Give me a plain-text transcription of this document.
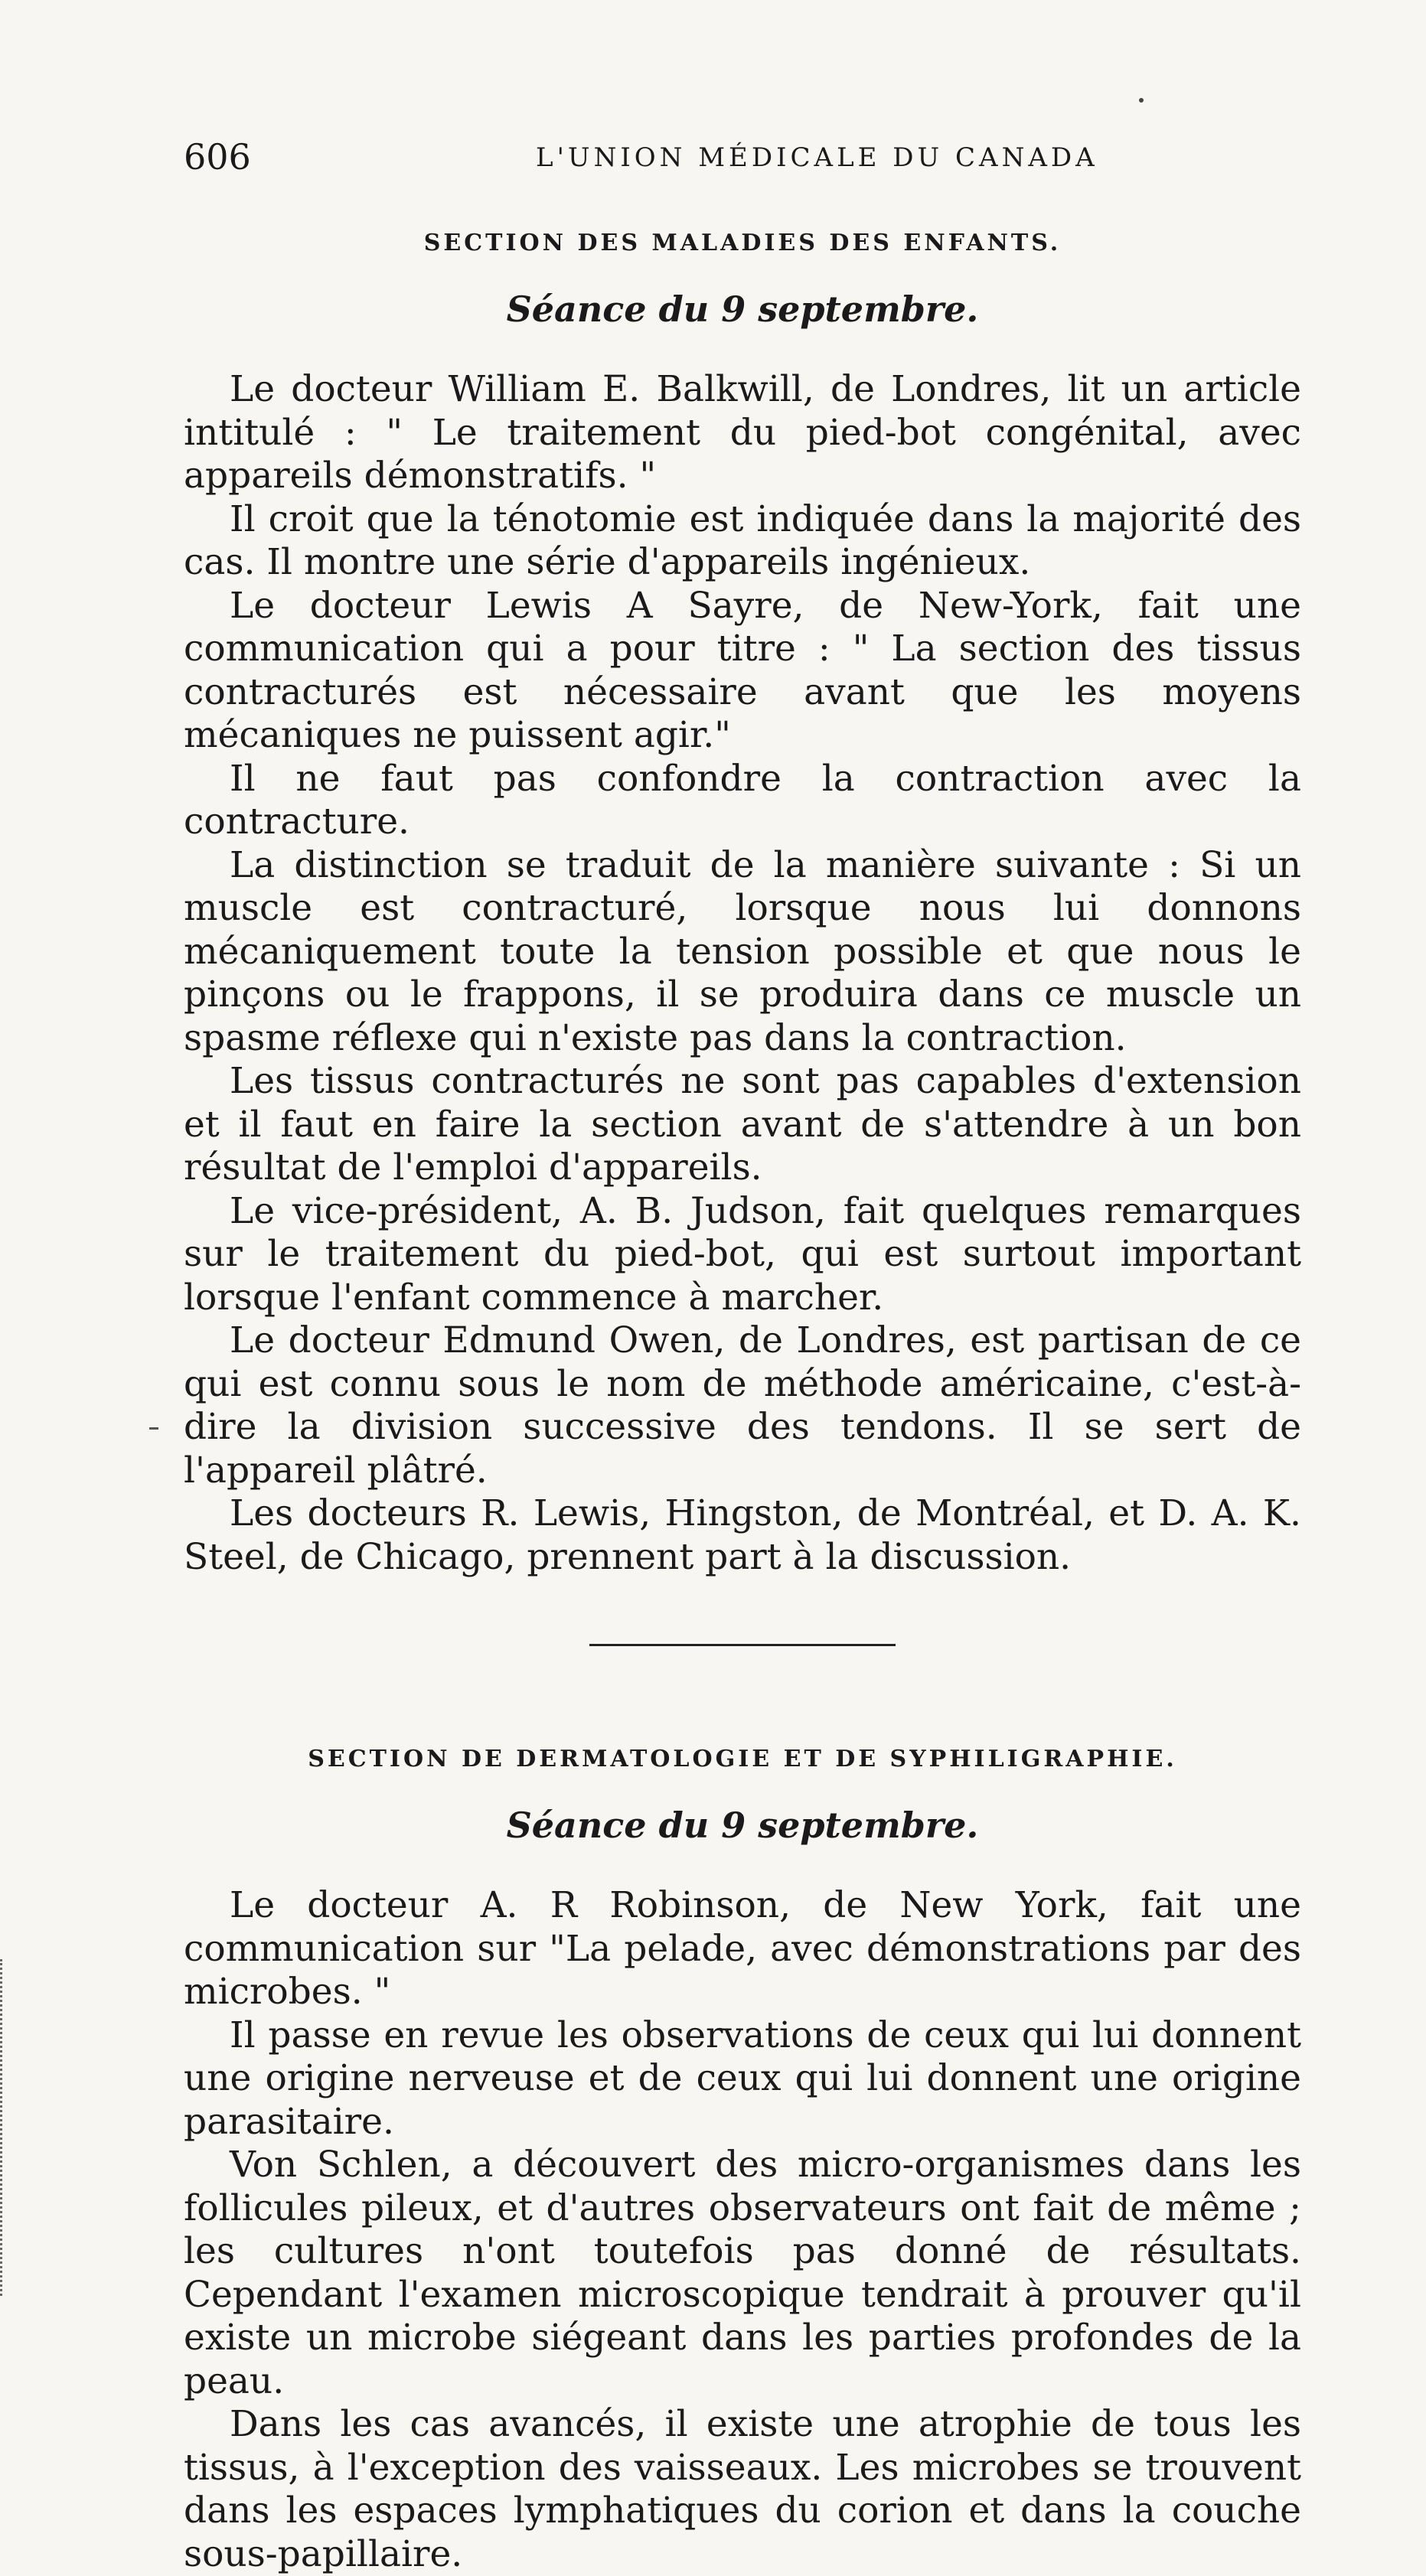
606	L'UNION MÉDICALE DU CANADA
SECTION DES MALADIES DES ENFANTS.
Séance du 9 septembre.

Le docteur William E. Balkwill, de Londres, lit un article intitulé : " Le traitement du pied-bot congénital, avec appareils démonstratifs. "

Il croit que la ténotomie est indiquée dans la majorité des cas. Il montre une série d'appareils ingénieux.

Le docteur Lewis A Sayre, de New-York, fait une communication qui a pour titre : " La section des tissus contracturés est nécessaire avant que les moyens mécaniques ne puissent agir."

Il ne faut pas confondre la contraction avec la contracture.

La distinction se traduit de la manière suivante : Si un muscle est contracturé, lorsque nous lui donnons mécaniquement toute la tension possible et que nous le pinçons ou le frappons, il se produira dans ce muscle un spasme réflexe qui n'existe pas dans la contraction.

Les tissus contracturés ne sont pas capables d'extension et il faut en faire la section avant de s'attendre à un bon résultat de l'emploi d'appareils.

Le vice-président, A. B. Judson, fait quelques remarques sur le traitement du pied-bot, qui est surtout important lorsque l'enfant commence à marcher.

Le docteur Edmund Owen, de Londres, est partisan de ce qui est connu sous le nom de méthode américaine, c'est-à-dire la division successive des tendons. Il se sert de l'appareil plâtré.

Les docteurs R. Lewis, Hingston, de Montréal, et D. A. K. Steel, de Chicago, prennent part à la discussion.

SECTION DE DERMATOLOGIE ET DE SYPHILIGRAPHIE.
Séance du 9 septembre.

Le docteur A. R Robinson, de New York, fait une communication sur "La pelade, avec démonstrations par des microbes. "

Il passe en revue les observations de ceux qui lui donnent une origine nerveuse et de ceux qui lui donnent une origine parasitaire.

Von Schlen, a découvert des micro-organismes dans les follicules pileux, et d'autres observateurs ont fait de même ; les cultures n'ont toutefois pas donné de résultats. Cependant l'examen microscopique tendrait à prouver qu'il existe un microbe siégeant dans les parties profondes de la peau.

Dans les cas avancés, il existe une atrophie de tous les tissus, à l'exception des vaisseaux. Les microbes se trouvent dans les espaces lymphatiques du corion et dans la couche sous-papillaire.
